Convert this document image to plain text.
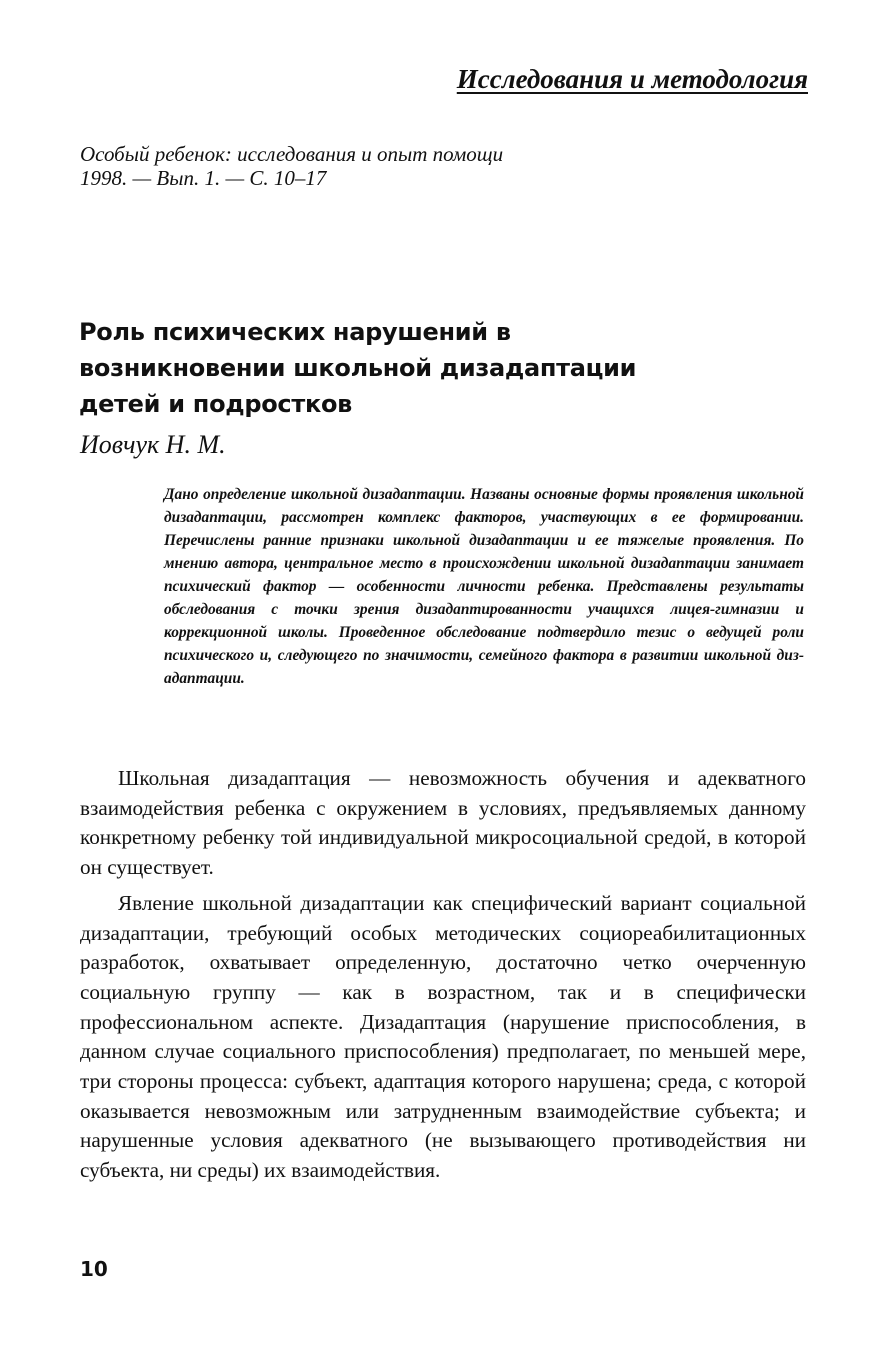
Исследования и методология
Особый ребенок: исследования и опыт помощи
1998. — Вып. 1. — С. 10–17
Роль психических нарушений в
возникновении школьной дизадаптации
детей и подростков
Иовчук Н. М.
Дано определение школьной дизадаптации. Названы основные формы проявления школьной дизадаптации, рассмотрен комплекс факторов, участвующих в ее формировании. Перечислены ранние признаки школьной дизадаптации и ее тяжелые проявления. По мнению автора, центральное место в происхождении школьной дизадаптации занимает психический фактор — особенности личности ребенка. Представлены результаты обследования с точки зрения дизадаптированности учащихся лицея-гимназии и коррекционной школы. Проведенное обследование подтвердило тезис о ведущей роли психического и, следующего по значимости, семейного фактора в развитии школьной дизадаптации.

Школьная дизадаптация — невозможность обучения и адекватного взаимодействия ребенка с окружением в условиях, предъявляемых данному конкретному ребенку той индивидуальной микросоциальной средой, в которой он существует.

Явление школьной дизадаптации как специфический вариант социальной дизадаптации, требующий особых методических социореабилитационных разработок, охватывает определенную, достаточно четко очерченную социальную группу — как в возрастном, так и в специфически профессиональном аспекте. Дизадаптация (нарушение приспособления, в данном случае социального приспособления) предполагает, по меньшей мере, три стороны процесса: субъект, адаптация которого нарушена; среда, с которой оказывается невозможным или затрудненным взаимодействие субъекта; и нарушенные условия адекватного (не вызывающего противодействия ни субъекта, ни среды) их взаимодействия.

10
